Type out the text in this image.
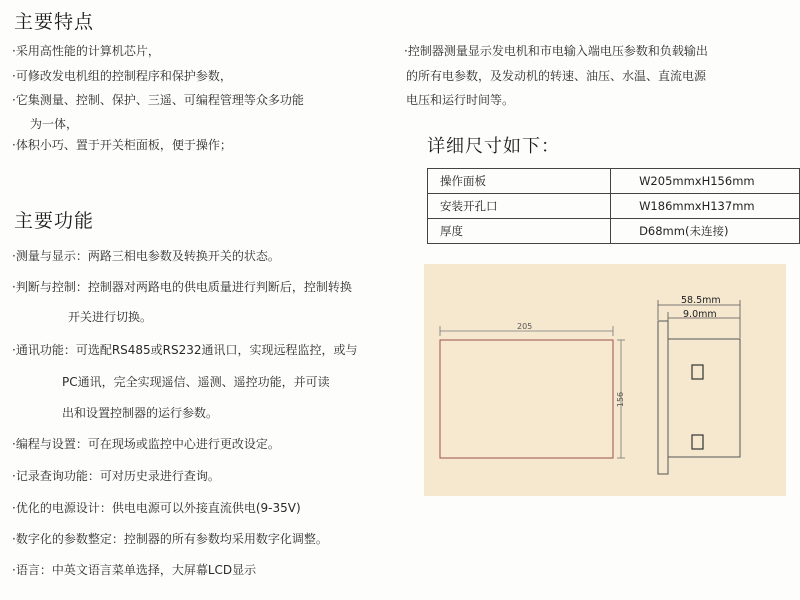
主要特点
·采用高性能的计算机芯片，
·可修改发电机组的控制程序和保护参数，
·它集测量、控制、保护、三遥、可编程管理等众多功能
为一体，
·体积小巧、置于开关柜面板，便于操作；
·控制器测量显示发电机和市电输入端电压参数和负载输出
的所有电参数，及发动机的转速、油压、水温、直流电源
电压和运行时间等。
主要功能
·测量与显示：两路三相电参数及转换开关的状态。
·判断与控制：控制器对两路电的供电质量进行判断后，控制转换
开关进行切换。
·通讯功能：可选配RS485或RS232通讯口，实现远程监控，或与
PC通讯，完全实现遥信、遥测、遥控功能，并可读
出和设置控制器的运行参数。
·编程与设置：可在现场或监控中心进行更改设定。
·记录查询功能：可对历史录进行查询。
·优化的电源设计：供电电源可以外接直流供电(9-35V)
·数字化的参数整定：控制器的所有参数均采用数字化调整。
·语言：中英文语言菜单选择，大屏幕LCD显示
详细尺寸如下：
操作面板	W205mmxH156mm
安装开孔口	W186mmxH137mm
厚度	D68mm(未连接)
205
156
58.5mm
9.0mm
